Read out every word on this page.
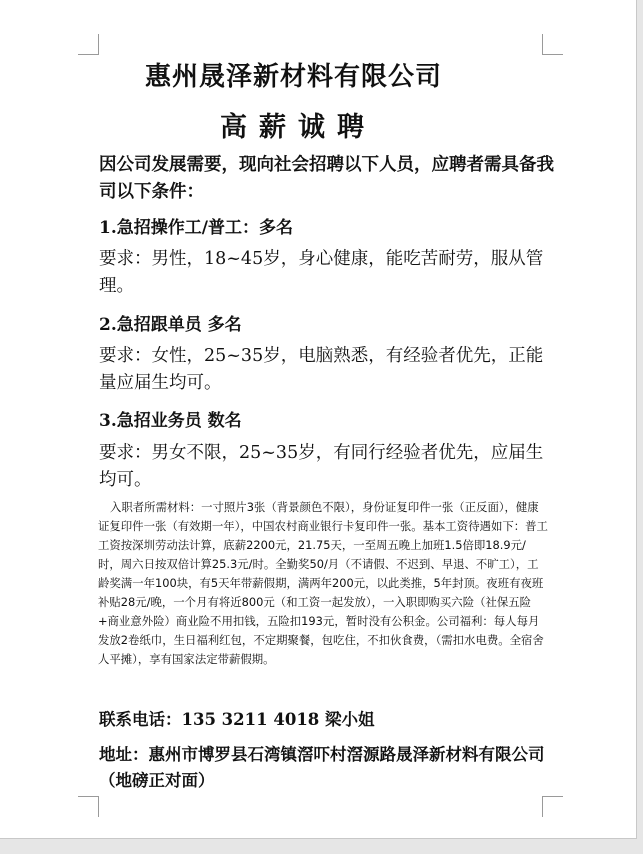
惠州晟泽新材料有限公司
高薪诚聘
因公司发展需要，现向社会招聘以下人员，应聘者需具备我司以下条件：
1.急招操作工/普工：多名
要求：男性，18~45岁，身心健康，能吃苦耐劳，服从管理。
2.急招跟单员 多名
要求：女性，25~35岁，电脑熟悉，有经验者优先，正能量应届生均可。
3.急招业务员 数名
要求：男女不限，25~35岁，有同行经验者优先，应届生均可。
入职者所需材料：一寸照片3张（背景颜色不限），身份证复印件一张（正反面），健康证复印件一张（有效期一年），中国农村商业银行卡复印件一张。基本工资待遇如下：普工工资按深圳劳动法计算，底薪2200元，21.75天，一至周五晚上加班1.5倍即18.9元/时，周六日按双倍计算25.3元/时。全勤奖50/月（不请假、不迟到、早退、不旷工），工龄奖满一年100块，有5天年带薪假期，满两年200元，以此类推，5年封顶。夜班有夜班补贴28元/晚，一个月有将近800元（和工资一起发放），一入职即购买六险（社保五险+商业意外险）商业险不用扣钱，五险扣193元，暂时没有公积金。公司福利：每人每月发放2卷纸巾，生日福利红包，不定期聚餐，包吃住，不扣伙食费，（需扣水电费。全宿舍人平摊），享有国家法定带薪假期。
联系电话：135 3211 4018 梁小姐
地址：惠州市博罗县石湾镇滘吓村滘源路晟泽新材料有限公司（地磅正对面）
